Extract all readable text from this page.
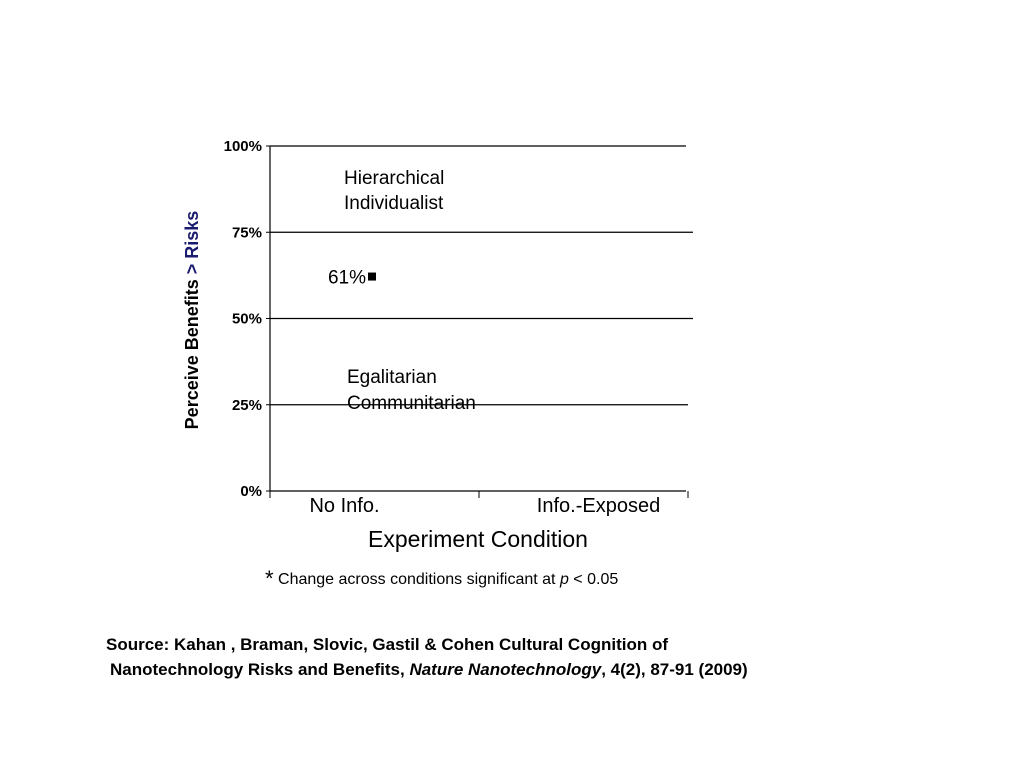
0%
25%
50%
75%
100%
No Info.	Info.-Exposed
Hierarchical
Individualist
Egalitarian
Communitarian
61%
Experiment Condition
Perceive Benefits > Risks
* Change across conditions significant at p < 0.05
Source: Kahan , Braman, Slovic, Gastil & Cohen Cultural Cognition of
Nanotechnology Risks and Benefits, Nature Nanotechnology, 4(2), 87-91 (2009)
